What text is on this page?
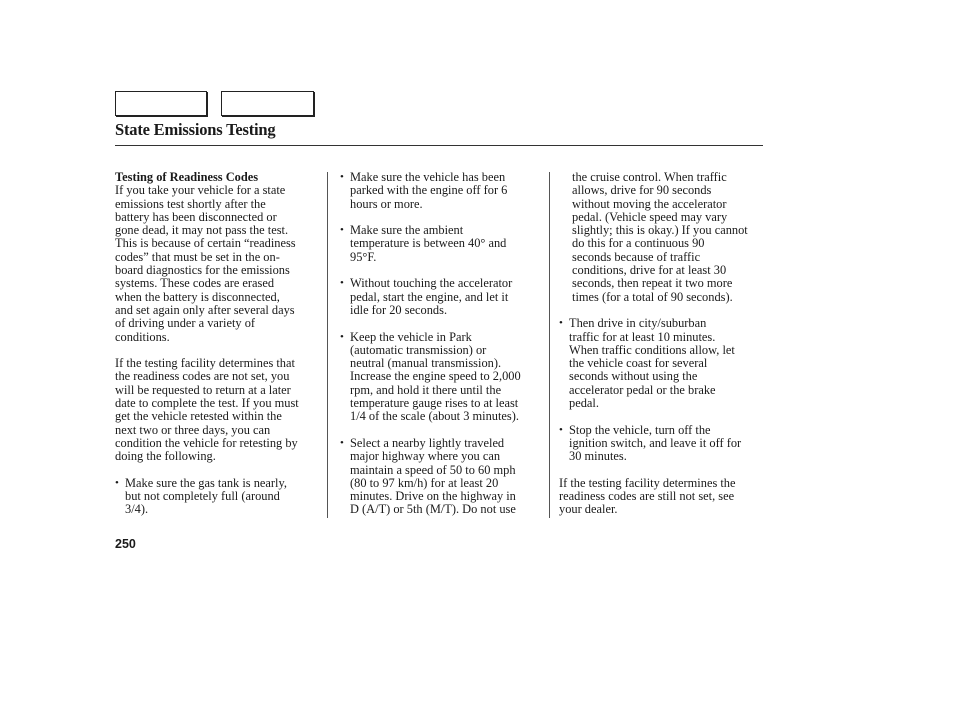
State Emissions Testing
Testing of Readiness Codes
If you take your vehicle for a state
emissions test shortly after the
battery has been disconnected or
gone dead, it may not pass the test.
This is because of certain “readiness
codes” that must be set in the on-
board diagnostics for the emissions
systems. These codes are erased
when the battery is disconnected,
and set again only after several days
of driving under a variety of
conditions.
If the testing facility determines that
the readiness codes are not set, you
will be requested to return at a later
date to complete the test. If you must
get the vehicle retested within the
next two or three days, you can
condition the vehicle for retesting by
doing the following.
• Make sure the gas tank is nearly,
but not completely full (around
3/4).
• Make sure the vehicle has been
parked with the engine off for 6
hours or more.
• Make sure the ambient
temperature is between 40° and
95°F.
• Without touching the accelerator
pedal, start the engine, and let it
idle for 20 seconds.
• Keep the vehicle in Park
(automatic transmission) or
neutral (manual transmission).
Increase the engine speed to 2,000
rpm, and hold it there until the
temperature gauge rises to at least
1/4 of the scale (about 3 minutes).
• Select a nearby lightly traveled
major highway where you can
maintain a speed of 50 to 60 mph
(80 to 97 km/h) for at least 20
minutes. Drive on the highway in
D (A/T) or 5th (M/T). Do not use
the cruise control. When traffic
allows, drive for 90 seconds
without moving the accelerator
pedal. (Vehicle speed may vary
slightly; this is okay.) If you cannot
do this for a continuous 90
seconds because of traffic
conditions, drive for at least 30
seconds, then repeat it two more
times (for a total of 90 seconds).
• Then drive in city/suburban
traffic for at least 10 minutes.
When traffic conditions allow, let
the vehicle coast for several
seconds without using the
accelerator pedal or the brake
pedal.
• Stop the vehicle, turn off the
ignition switch, and leave it off for
30 minutes.
If the testing facility determines the
readiness codes are still not set, see
your dealer.
250
